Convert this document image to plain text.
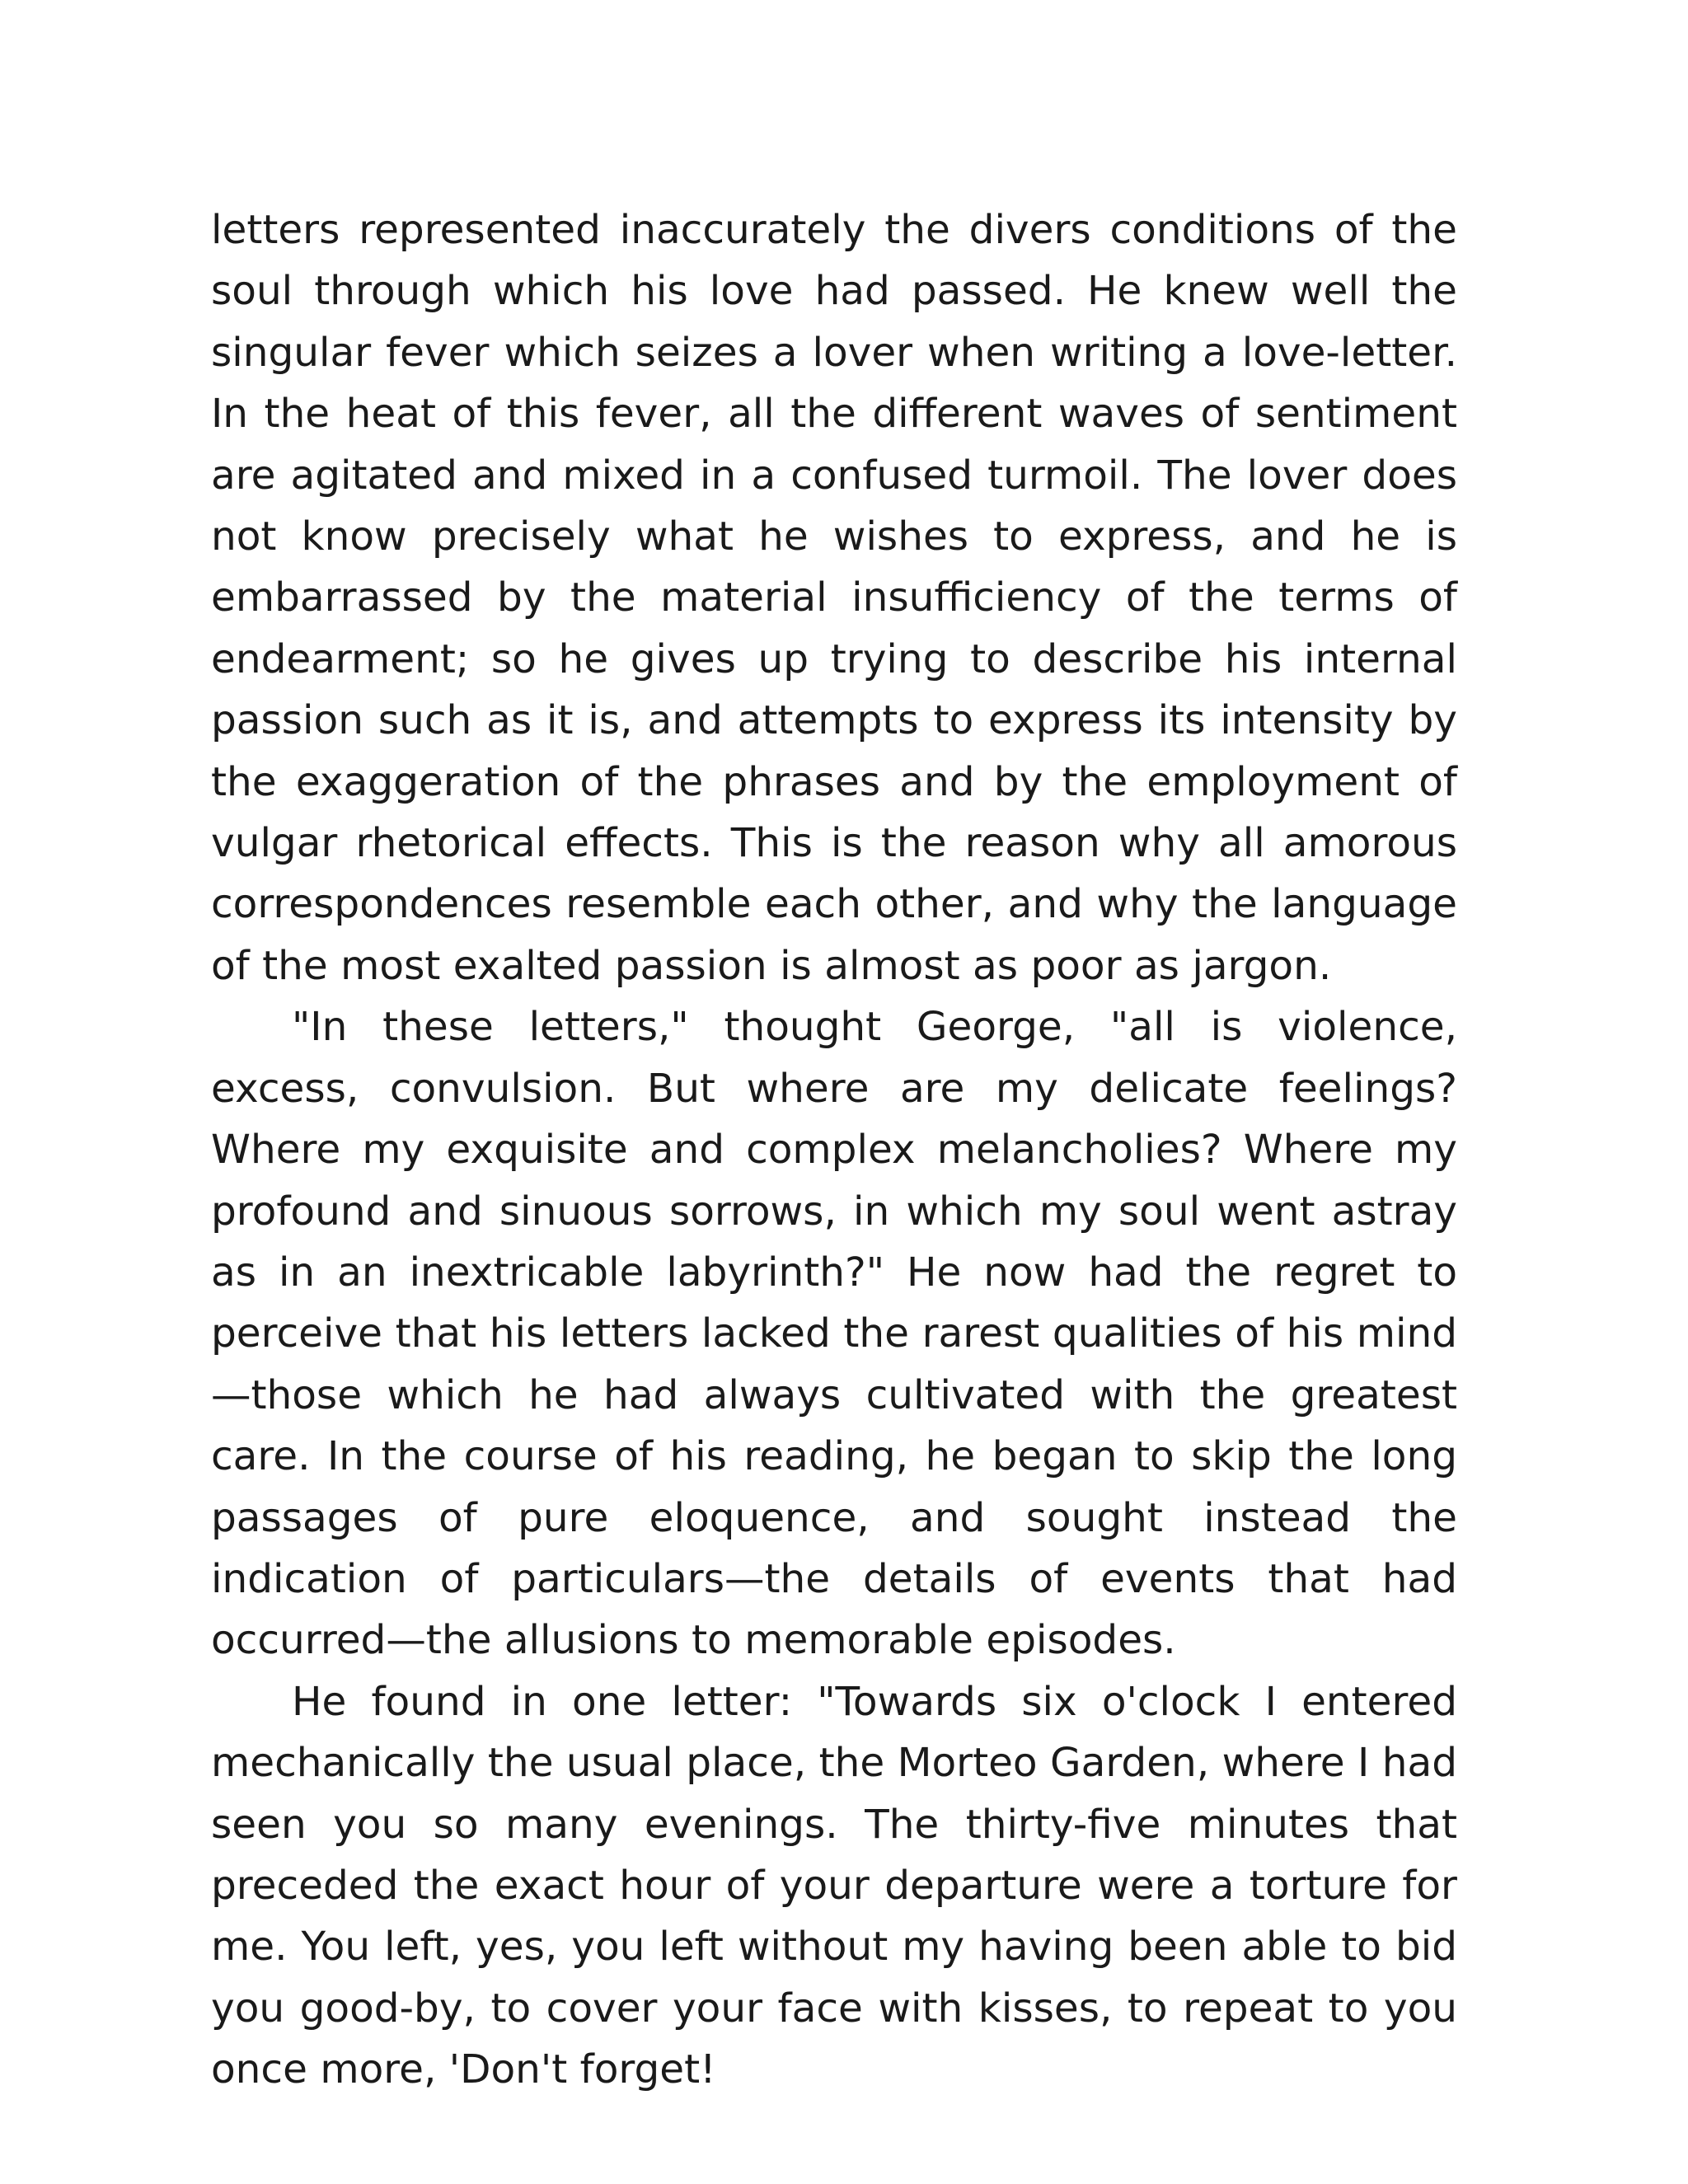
letters represented inaccurately the divers conditions of the soul through which his love had passed. He knew well the singular fever which seizes a lover when writing a love-letter. In the heat of this fever, all the different waves of sentiment are agitated and mixed in a confused turmoil. The lover does not know precisely what he wishes to express, and he is embarrassed by the material insufficiency of the terms of endearment; so he gives up trying to describe his internal passion such as it is, and attempts to express its intensity by the exaggeration of the phrases and by the employment of vulgar rhetorical effects. This is the reason why all amorous correspondences resemble each other, and why the language of the most exalted passion is almost as poor as jargon.

"In these letters," thought George, "all is violence, excess, convulsion. But where are my delicate feelings? Where my exquisite and complex melancholies? Where my profound and sinuous sorrows, in which my soul went astray as in an inextricable labyrinth?" He now had the regret to perceive that his letters lacked the rarest qualities of his mind—those which he had always cultivated with the greatest care. In the course of his reading, he began to skip the long passages of pure eloquence, and sought instead the indication of particulars—the details of events that had occurred—the allusions to memorable episodes.

He found in one letter: "Towards six o'clock I entered mechanically the usual place, the Morteo Garden, where I had seen you so many evenings. The thirty-five minutes that preceded the exact hour of your departure were a torture for me. You left, yes, you left without my having been able to bid you good-by, to cover your face with kisses, to repeat to you once more, 'Don't forget!
